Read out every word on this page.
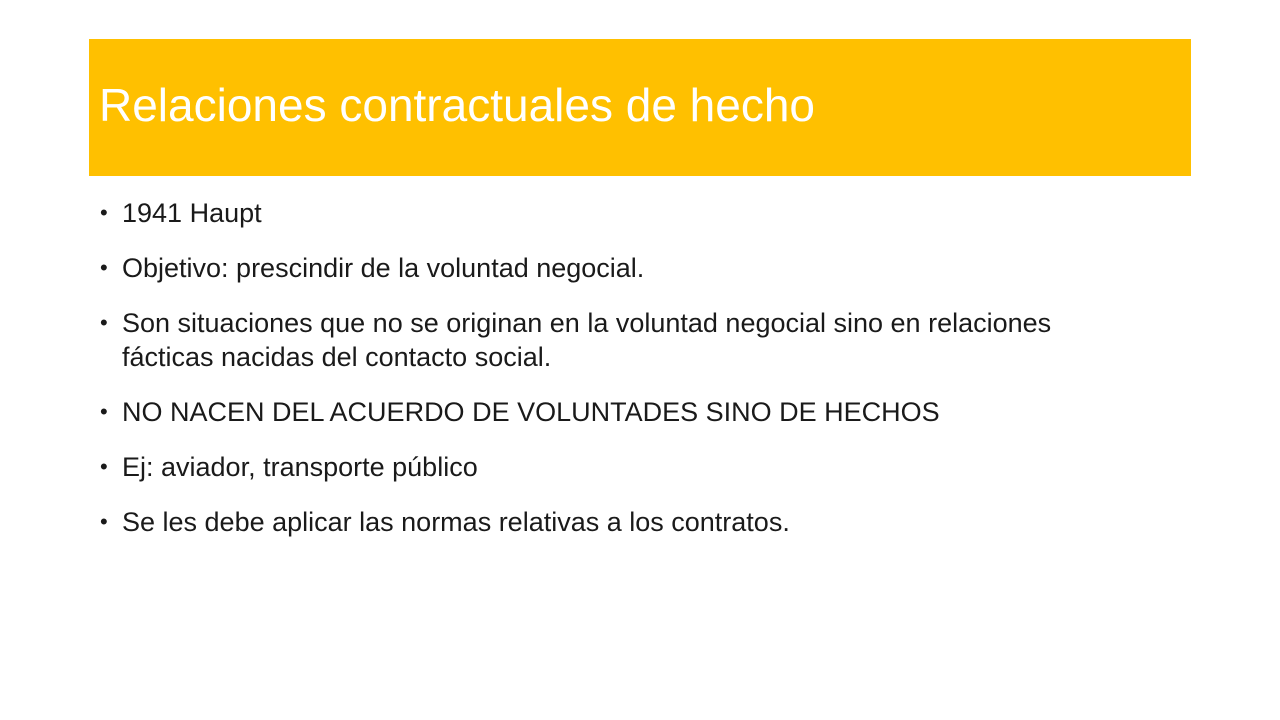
Relaciones contractuales de hecho
• 1941 Haupt
• Objetivo: prescindir de la voluntad negocial.
• Son situaciones que no se originan en la voluntad negocial sino en relaciones fácticas nacidas del contacto social.
• NO NACEN DEL ACUERDO DE VOLUNTADES SINO DE HECHOS
• Ej: aviador, transporte público
• Se les debe aplicar las normas relativas a los contratos.
